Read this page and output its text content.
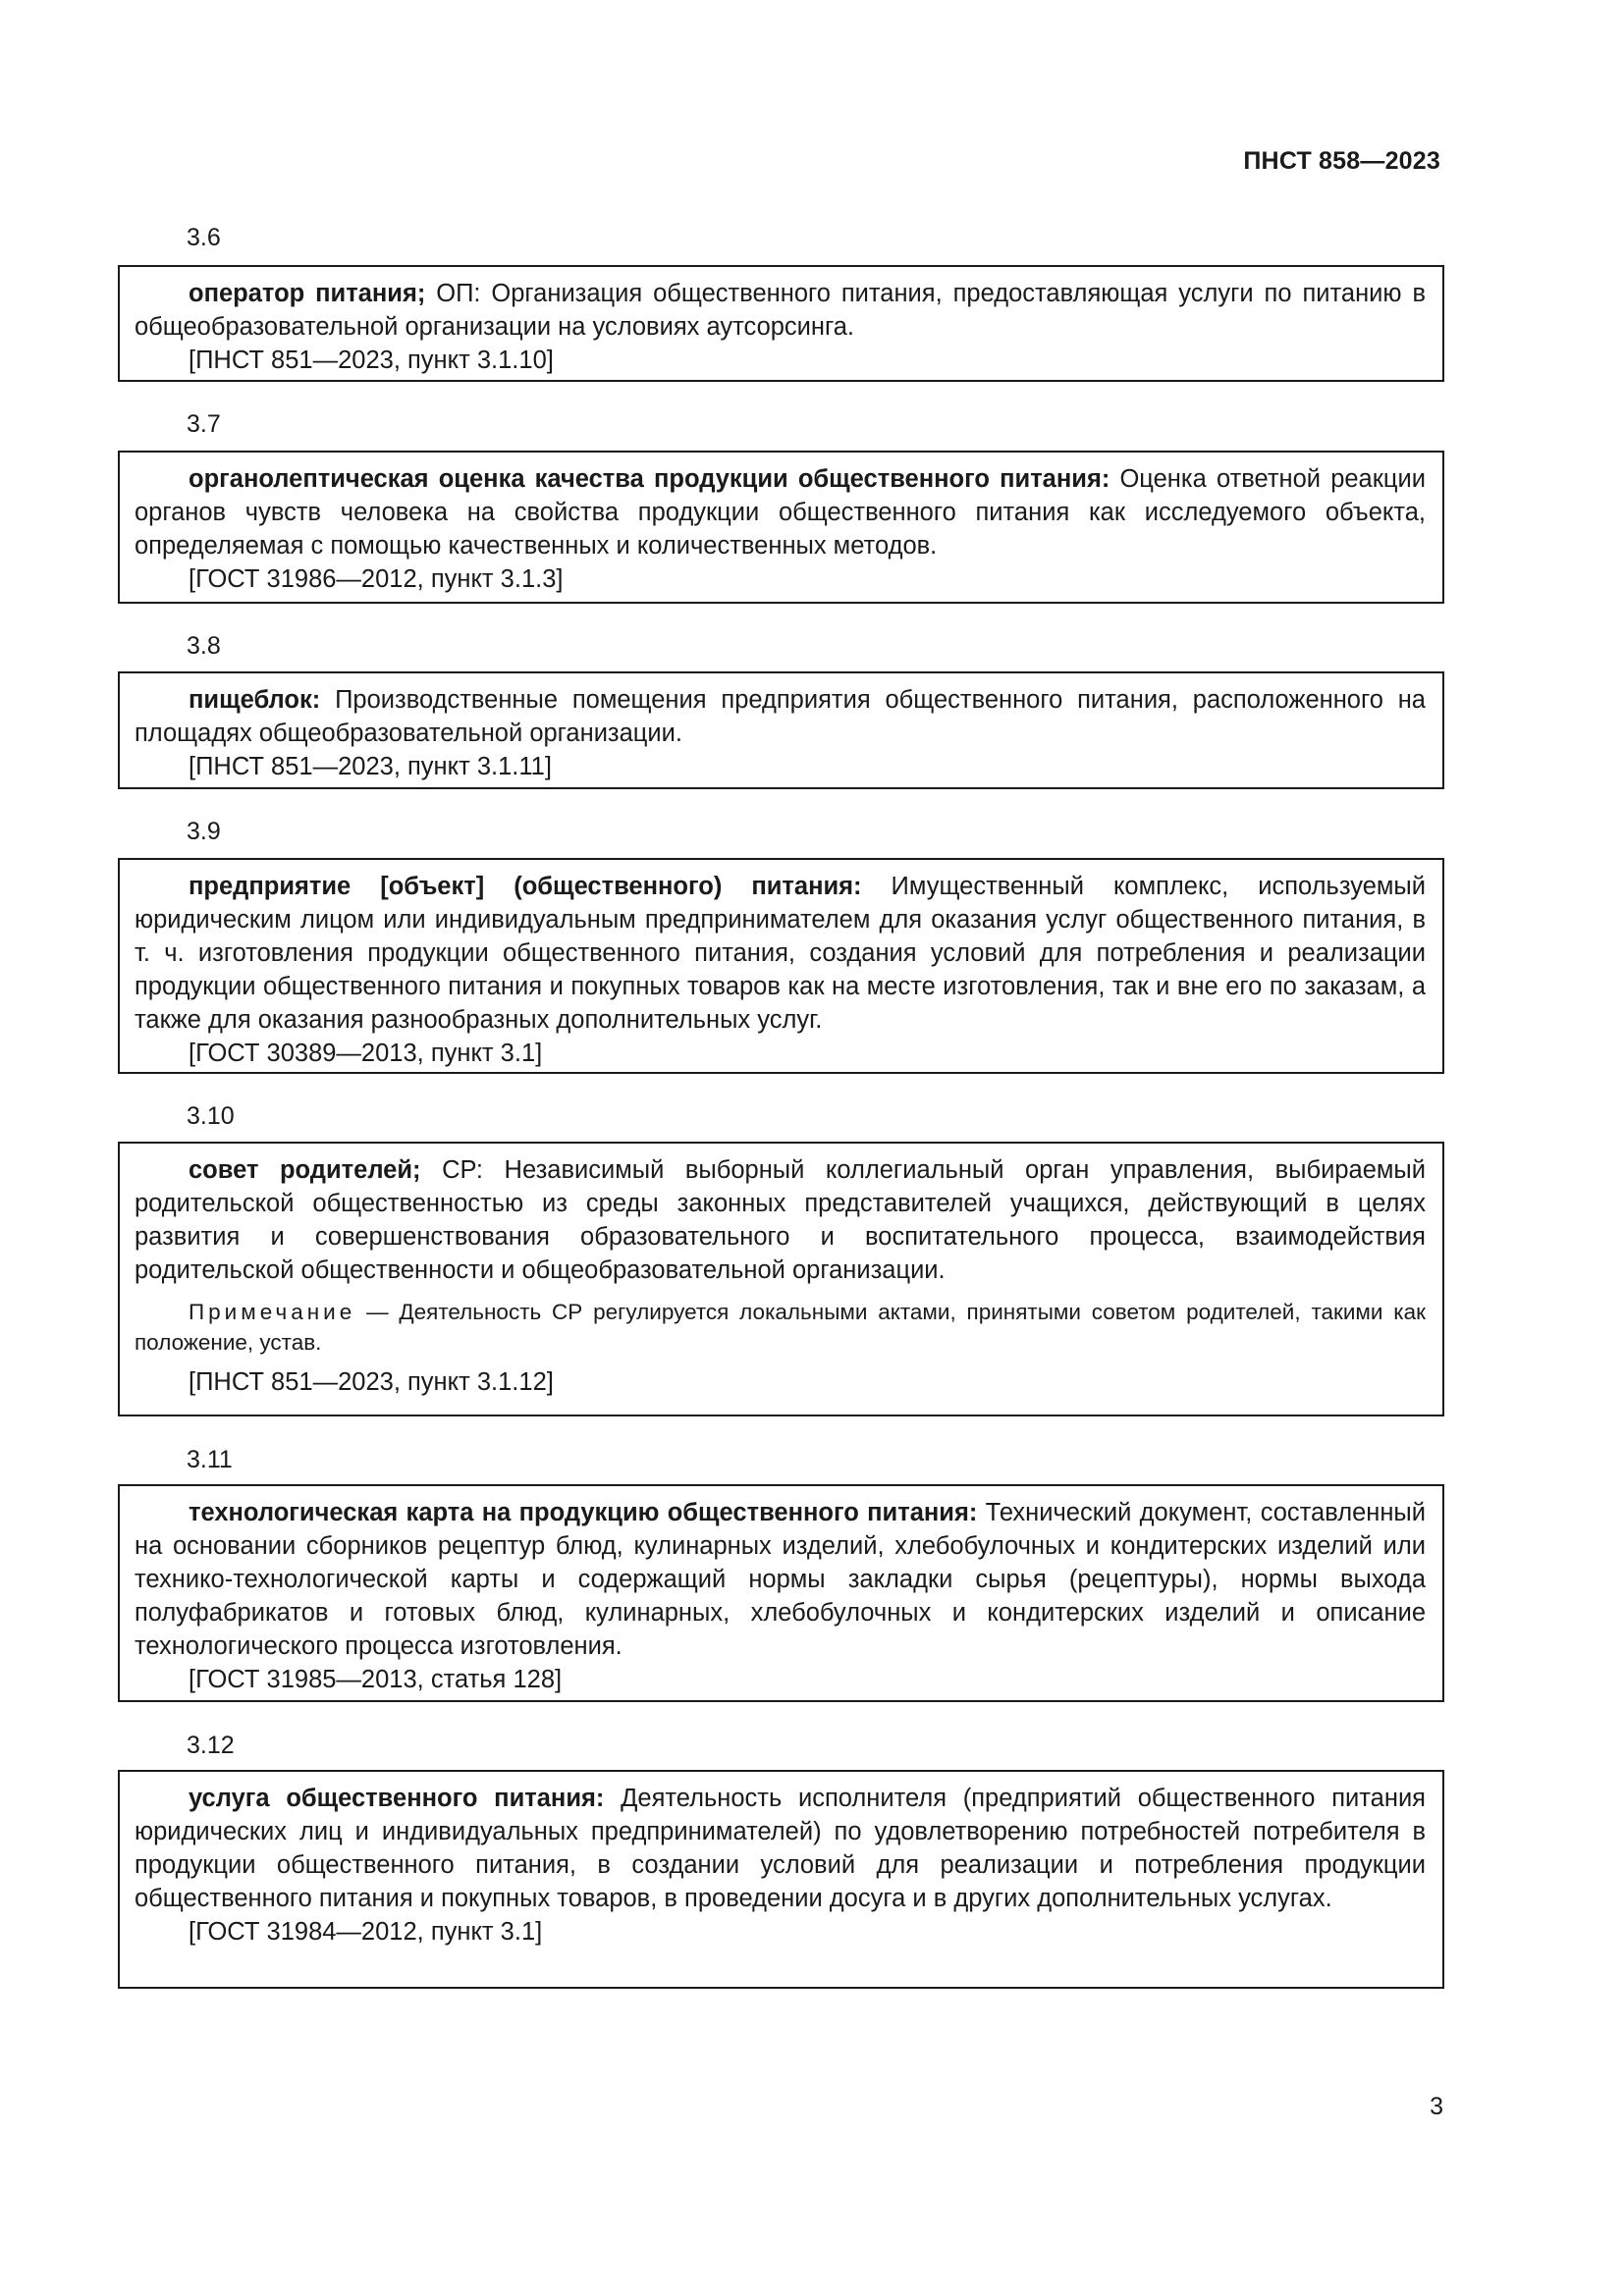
ПНСТ 858—2023
3.6

оператор питания; ОП: Организация общественного питания, предоставляющая услуги по питанию в общеобразовательной организации на условиях аутсорсинга.

[ПНСТ 851—2023, пункт 3.1.10]

3.7

органолептическая оценка качества продукции общественного питания: Оценка ответной реакции органов чувств человека на свойства продукции общественного питания как исследуемого объекта, определяемая с помощью качественных и количественных методов.

[ГОСТ 31986—2012, пункт 3.1.3]

3.8

пищеблок: Производственные помещения предприятия общественного питания, расположенного на площадях общеобразовательной организации.

[ПНСТ 851—2023, пункт 3.1.11]

3.9

предприятие [объект] (общественного) питания: Имущественный комплекс, используемый юридическим лицом или индивидуальным предпринимателем для оказания услуг общественного питания, в т. ч. изготовления продукции общественного питания, создания условий для потребления и реализации продукции общественного питания и покупных товаров как на месте изготовления, так и вне его по заказам, а также для оказания разнообразных дополнительных услуг.

[ГОСТ 30389—2013, пункт 3.1]

3.10

совет родителей; СР: Независимый выборный коллегиальный орган управления, выбираемый родительской общественностью из среды законных представителей учащихся, действующий в целях развития и совершенствования образовательного и воспитательного процесса, взаимодействия родительской общественности и общеобразовательной организации.

Примечание — Деятельность СР регулируется локальными актами, принятыми советом родителей, такими как положение, устав.

[ПНСТ 851—2023, пункт 3.1.12]

3.11

технологическая карта на продукцию общественного питания: Технический документ, составленный на основании сборников рецептур блюд, кулинарных изделий, хлебобулочных и кондитерских изделий или технико-технологической карты и содержащий нормы закладки сырья (рецептуры), нормы выхода полуфабрикатов и готовых блюд, кулинарных, хлебобулочных и кондитерских изделий и описание технологического процесса изготовления.

[ГОСТ 31985—2013, статья 128]

3.12

услуга общественного питания: Деятельность исполнителя (предприятий общественного питания юридических лиц и индивидуальных предпринимателей) по удовлетворению потребностей потребителя в продукции общественного питания, в создании условий для реализации и потребления продукции общественного питания и покупных товаров, в проведении досуга и в других дополнительных услугах.

[ГОСТ 31984—2012, пункт 3.1]

3
